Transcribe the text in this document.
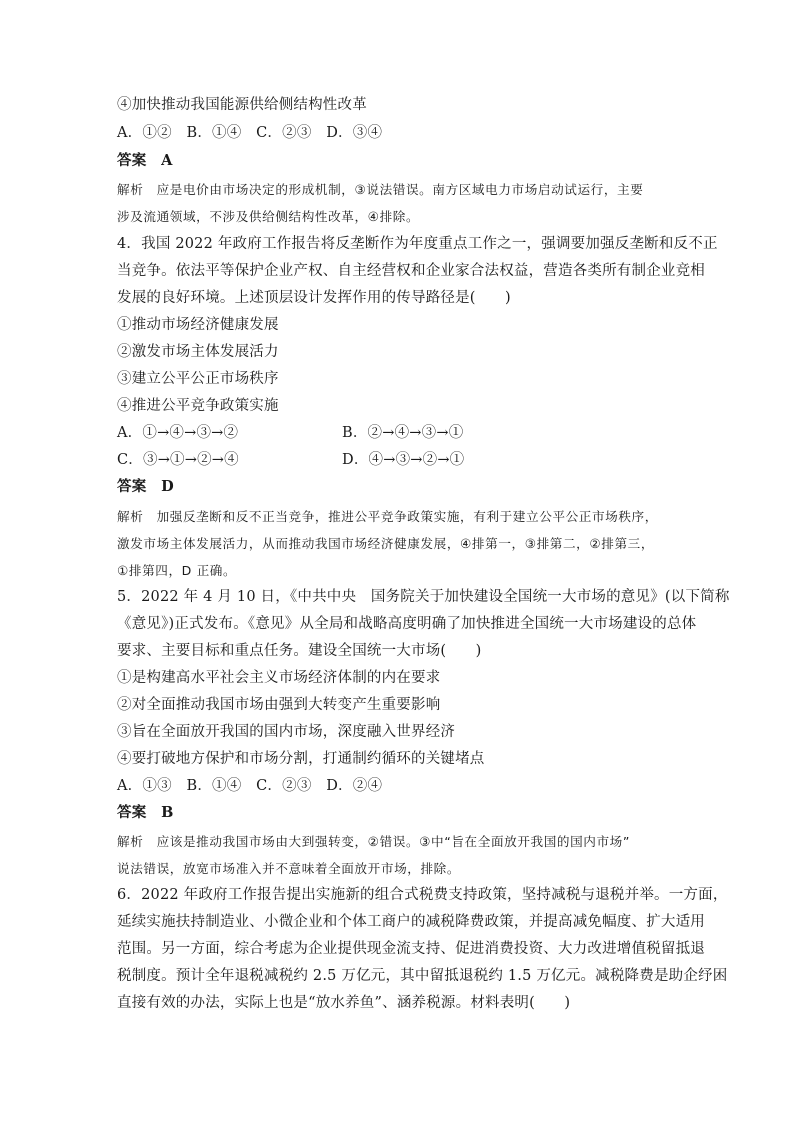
④加快推动我国能源供给侧结构性改革
A．①②　B．①④　C．②③　D．③④
答案　A
解析　应是电价由市场决定的形成机制，③说法错误。南方区域电力市场启动试运行，主要
涉及流通领域，不涉及供给侧结构性改革，④排除。
4．我国 2022 年政府工作报告将反垄断作为年度重点工作之一，强调要加强反垄断和反不正
当竞争。依法平等保护企业产权、自主经营权和企业家合法权益，营造各类所有制企业竞相
发展的良好环境。上述顶层设计发挥作用的传导路径是(　　)
①推动市场经济健康发展
②激发市场主体发展活力
③建立公平公正市场秩序
④推进公平竞争政策实施
A．①→④→③→②	B．②→④→③→①
C．③→①→②→④	D．④→③→②→①
答案　D
解析　加强反垄断和反不正当竞争，推进公平竞争政策实施，有利于建立公平公正市场秩序，
激发市场主体发展活力，从而推动我国市场经济健康发展，④排第一，③排第二，②排第三，
①排第四，D 正确。
5．2022 年 4 月 10 日，《中共中央　国务院关于加快建设全国统一大市场的意见》(以下简称
《意见》)正式发布。《意见》从全局和战略高度明确了加快推进全国统一大市场建设的总体
要求、主要目标和重点任务。建设全国统一大市场(　　)
①是构建高水平社会主义市场经济体制的内在要求
②对全面推动我国市场由强到大转变产生重要影响
③旨在全面放开我国的国内市场，深度融入世界经济
④要打破地方保护和市场分割，打通制约循环的关键堵点
A．①③　B．①④　C．②③　D．②④
答案　B
解析　应该是推动我国市场由大到强转变，②错误。③中“旨在全面放开我国的国内市场”
说法错误，放宽市场准入并不意味着全面放开市场，排除。
6．2022 年政府工作报告提出实施新的组合式税费支持政策，坚持减税与退税并举。一方面，
延续实施扶持制造业、小微企业和个体工商户的减税降费政策，并提高减免幅度、扩大适用
范围。另一方面，综合考虑为企业提供现金流支持、促进消费投资、大力改进增值税留抵退
税制度。预计全年退税减税约 2.5 万亿元，其中留抵退税约 1.5 万亿元。减税降费是助企纾困
直接有效的办法，实际上也是“放水养鱼”、涵养税源。材料表明(　　)
